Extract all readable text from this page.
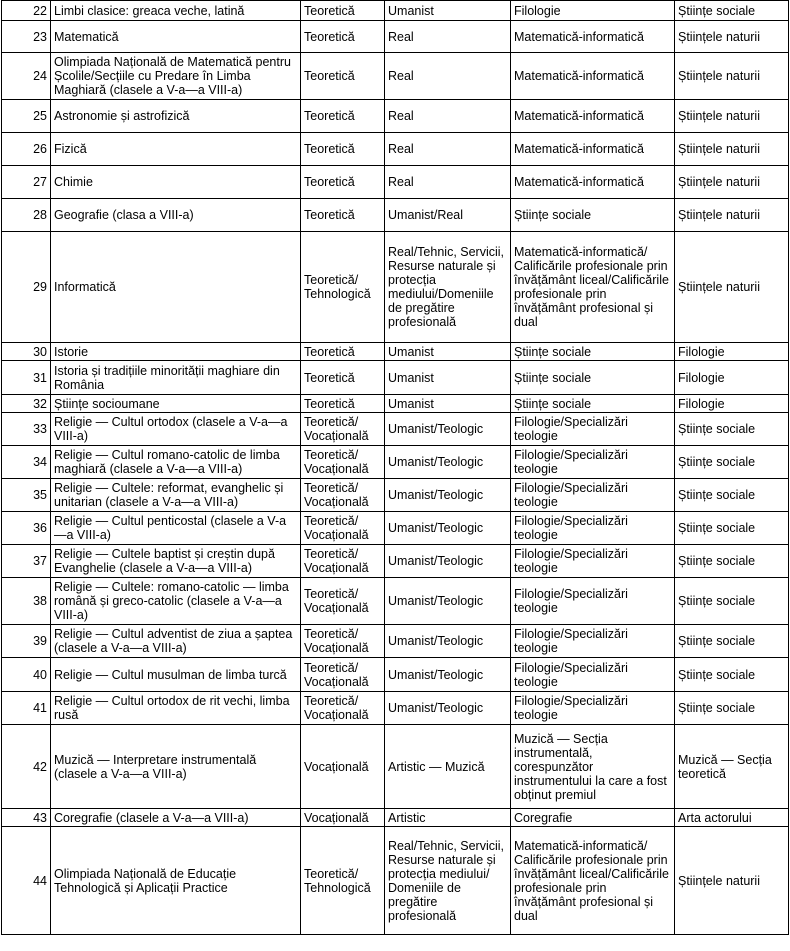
22	Limbi clasice: greaca veche, latină	Teoretică	Umanist	Filologie	Științe sociale
23	Matematică	Teoretică	Real	Matematică-informatică	Științele naturii
24	Olimpiada Națională de Matematică pentru Școlile/Secțiile cu Predare în Limba Maghiară (clasele a V-a—a VIII-a)	Teoretică	Real	Matematică-informatică	Științele naturii
25	Astronomie și astrofizică	Teoretică	Real	Matematică-informatică	Științele naturii
26	Fizică	Teoretică	Real	Matematică-informatică	Științele naturii
27	Chimie	Teoretică	Real	Matematică-informatică	Științele naturii
28	Geografie (clasa a VIII-a)	Teoretică	Umanist/Real	Științe sociale	Științele naturii
29	Informatică	Teoretică/ Tehnologică	Real/Tehnic, Servicii, Resurse naturale și protecția mediului/Domeniile de pregătire profesională	Matematică-informatică/ Calificările profesionale prin învățământ liceal/Calificările profesionale prin învățământ profesional și dual	Științele naturii
30	Istorie	Teoretică	Umanist	Științe sociale	Filologie
31	Istoria și tradițiile minorității maghiare din România	Teoretică	Umanist	Științe sociale	Filologie
32	Științe socioumane	Teoretică	Umanist	Științe sociale	Filologie
33	Religie — Cultul ortodox (clasele a V-a—a VIII-a)	Teoretică/ Vocațională	Umanist/Teologic	Filologie/Specializări teologie	Științe sociale
34	Religie — Cultul romano-catolic de limba maghiară (clasele a V-a—a VIII-a)	Teoretică/ Vocațională	Umanist/Teologic	Filologie/Specializări teologie	Științe sociale
35	Religie — Cultele: reformat, evanghelic și unitarian (clasele a V-a—a VIII-a)	Teoretică/ Vocațională	Umanist/Teologic	Filologie/Specializări teologie	Științe sociale
36	Religie — Cultul penticostal (clasele a V-a—a VIII-a)	Teoretică/ Vocațională	Umanist/Teologic	Filologie/Specializări teologie	Științe sociale
37	Religie — Cultele baptist și creștin după Evanghelie (clasele a V-a—a VIII-a)	Teoretică/ Vocațională	Umanist/Teologic	Filologie/Specializări teologie	Științe sociale
38	Religie — Cultele: romano-catolic — limba română și greco-catolic (clasele a V-a—a VIII-a)	Teoretică/ Vocațională	Umanist/Teologic	Filologie/Specializări teologie	Științe sociale
39	Religie — Cultul adventist de ziua a șaptea (clasele a V-a—a VIII-a)	Teoretică/ Vocațională	Umanist/Teologic	Filologie/Specializări teologie	Științe sociale
40	Religie — Cultul musulman de limba turcă	Teoretică/ Vocațională	Umanist/Teologic	Filologie/Specializări teologie	Științe sociale
41	Religie — Cultul ortodox de rit vechi, limba rusă	Teoretică/ Vocațională	Umanist/Teologic	Filologie/Specializări teologie	Științe sociale
42	Muzică — Interpretare instrumentală (clasele a V-a—a VIII-a)	Vocațională	Artistic — Muzică	Muzică — Secția instrumentală, corespunzător instrumentului la care a fost obținut premiul	Muzică — Secția teoretică
43	Coregrafie (clasele a V-a—a VIII-a)	Vocațională	Artistic	Coregrafie	Arta actorului
44	Olimpiada Națională de Educație Tehnologică și Aplicații Practice	Teoretică/ Tehnologică	Real/Tehnic, Servicii, Resurse naturale și protecția mediului/ Domeniile de pregătire profesională	Matematică-informatică/ Calificările profesionale prin învățământ liceal/Calificările profesionale prin învățământ profesional și dual	Științele naturii
